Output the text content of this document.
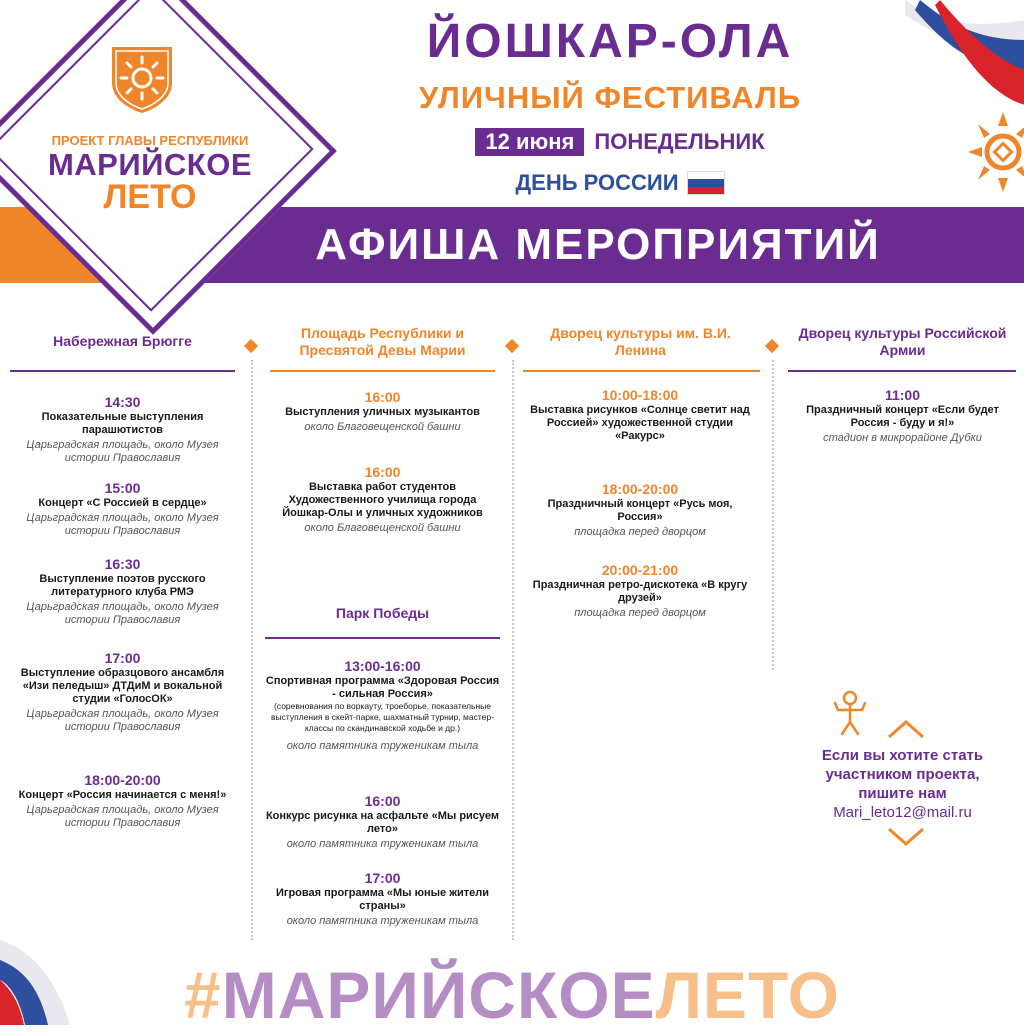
АФИША МЕРОПРИЯТИЙ
ПРОЕКТ ГЛАВЫ РЕСПУБЛИКИ
МАРИЙСКОЕ
ЛЕТО
ЙОШКАР-ОЛА
УЛИЧНЫЙ ФЕСТИВАЛЬ
12 июня ПОНЕДЕЛЬНИК
ДЕНЬ РОССИИ
Набережная Брюгге	Площадь Республики и Пресвятой Девы Марии
Дворец культуры им. В.И. Ленина
Дворец культуры Российской Армии
14:30
Показательные выступления парашютистов
Царьградская площадь, около Музея истории Православия
15:00
Концерт «С Россией в сердце»
Царьградская площадь, около Музея истории Православия
16:30
Выступление поэтов русского литературного клуба РМЭ
Царьградская площадь, около Музея истории Православия
17:00
Выступление образцового ансамбля «Изи пеледыш» ДТДиМ и вокальной студии «ГолосОК»
Царьградская площадь, около Музея истории Православия
18:00-20:00
Концерт «Россия начинается с меня!»
Царьградская площадь, около Музея истории Православия
16:00
Выступления уличных музыкантов
около Благовещенской башни
16:00
Выставка работ студентов Художественного училища города Йошкар-Олы и уличных художников
около Благовещенской башни
Парк Победы
13:00-16:00
Спортивная программа «Здоровая Россия - сильная Россия»
(соревнования по воркауту, троеборье, показательные выступления в скейт-парке, шахматный турнир, мастер-классы по скандинавской ходьбе и др.)
около памятника труженикам тыла
16:00
Конкурс рисунка на асфальте «Мы рисуем лето»
около памятника труженикам тыла
17:00
Игровая программа «Мы юные жители страны»
около памятника труженикам тыла
10:00-18:00
Выставка рисунков «Солнце светит над Россией» художественной студии «Ракурс»
18:00-20:00
Праздничный концерт «Русь моя, Россия»
площадка перед дворцом
20:00-21:00
Праздничная ретро-дискотека «В кругу друзей»
площадка перед дворцом
11:00
Праздничный концерт «Если будет Россия - буду и я!»
стадион в микрорайоне Дубки
Если вы хотите стать
участником проекта,
пишите нам
Mari_leto12@mail.ru
#МАРИЙСКОЕЛЕТО
